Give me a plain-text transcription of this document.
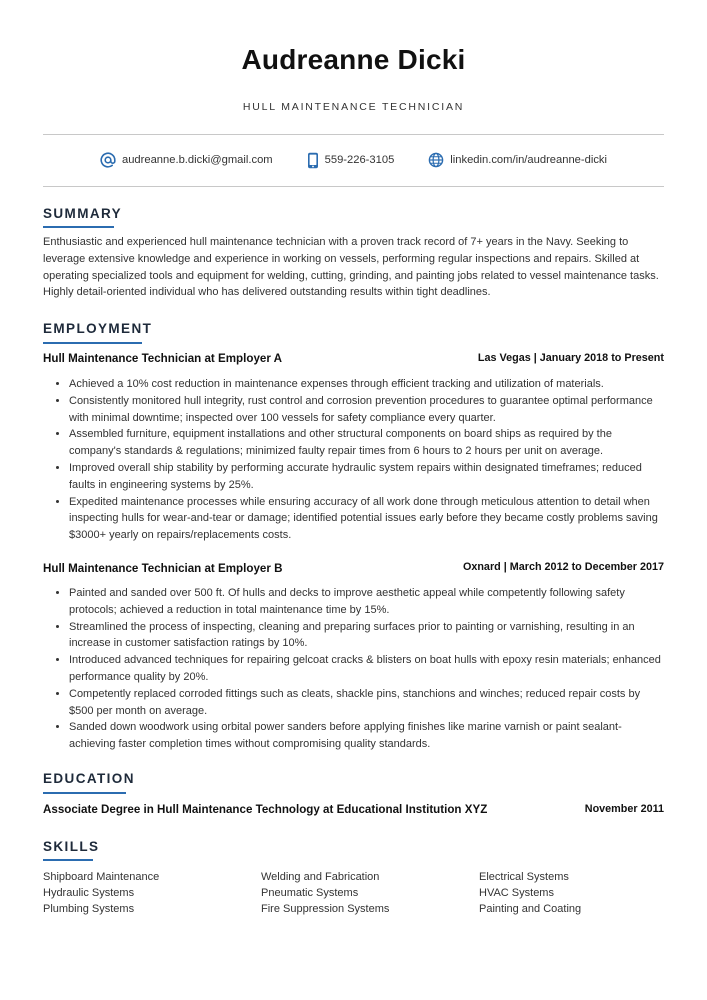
Audreanne Dicki
HULL MAINTENANCE TECHNICIAN
audreanne.b.dicki@gmail.com	559-226-3105	linkedin.com/in/audreanne-dicki
SUMMARY
Enthusiastic and experienced hull maintenance technician with a proven track record of 7+ years in the Navy. Seeking to leverage extensive knowledge and experience in working on vessels, performing regular inspections and repairs. Skilled at operating specialized tools and equipment for welding, cutting, grinding, and painting jobs related to vessel maintenance tasks. Highly detail-oriented individual who has delivered outstanding results within tight deadlines.
EMPLOYMENT
Hull Maintenance Technician at Employer A	Las Vegas | January 2018 to Present
• Achieved a 10% cost reduction in maintenance expenses through efficient tracking and utilization of materials.
• Consistently monitored hull integrity, rust control and corrosion prevention procedures to guarantee optimal performance with minimal downtime; inspected over 100 vessels for safety compliance every quarter.
• Assembled furniture, equipment installations and other structural components on board ships as required by the company's standards & regulations; minimized faulty repair times from 6 hours to 2 hours per unit on average.
• Improved overall ship stability by performing accurate hydraulic system repairs within designated timeframes; reduced faults in engineering systems by 25%.
• Expedited maintenance processes while ensuring accuracy of all work done through meticulous attention to detail when inspecting hulls for wear-and-tear or damage; identified potential issues early before they became costly problems saving $3000+ yearly on repairs/replacements costs.
Hull Maintenance Technician at Employer B	Oxnard | March 2012 to December 2017
• Painted and sanded over 500 ft. Of hulls and decks to improve aesthetic appeal while competently following safety protocols; achieved a reduction in total maintenance time by 15%.
• Streamlined the process of inspecting, cleaning and preparing surfaces prior to painting or varnishing, resulting in an increase in customer satisfaction ratings by 10%.
• Introduced advanced techniques for repairing gelcoat cracks & blisters on boat hulls with epoxy resin materials; enhanced performance quality by 20%.
• Competently replaced corroded fittings such as cleats, shackle pins, stanchions and winches; reduced repair costs by $500 per month on average.
• Sanded down woodwork using orbital power sanders before applying finishes like marine varnish or paint sealant-achieving faster completion times without compromising quality standards.
EDUCATION
Associate Degree in Hull Maintenance Technology at Educational Institution XYZ	November 2011
SKILLS
Shipboard Maintenance	Welding and Fabrication	Electrical Systems
Hydraulic Systems	Pneumatic Systems	HVAC Systems
Plumbing Systems	Fire Suppression Systems	Painting and Coating
